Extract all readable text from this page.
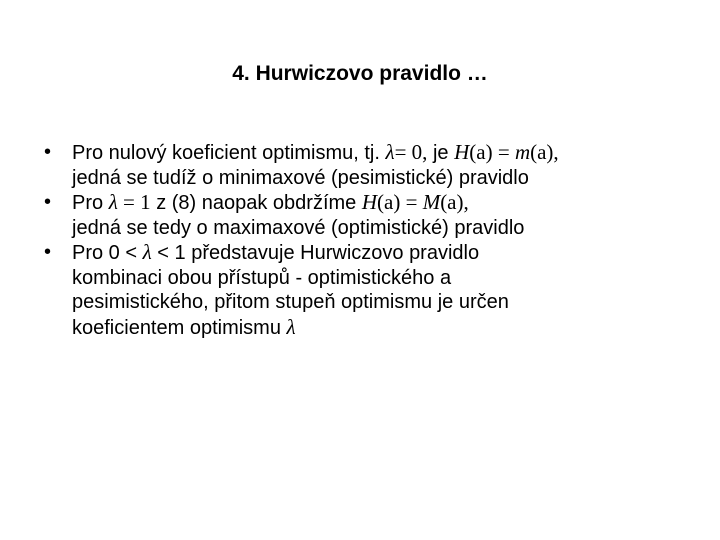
4. Hurwiczovo pravidlo …
•	Pro nulový koeficient optimismu, tj. λ= 0, je H(a) = m(a),
jedná se tudíž o minimaxové (pesimistické) pravidlo
•	Pro λ = 1 z (8) naopak obdržíme H(a) = M(a),
jedná se tedy o maximaxové (optimistické) pravidlo
•	Pro 0 < λ < 1 představuje Hurwiczovo pravidlo
kombinaci obou přístupů - optimistického a
pesimistického, přitom stupeň optimismu je určen
koeficientem optimismu λ
